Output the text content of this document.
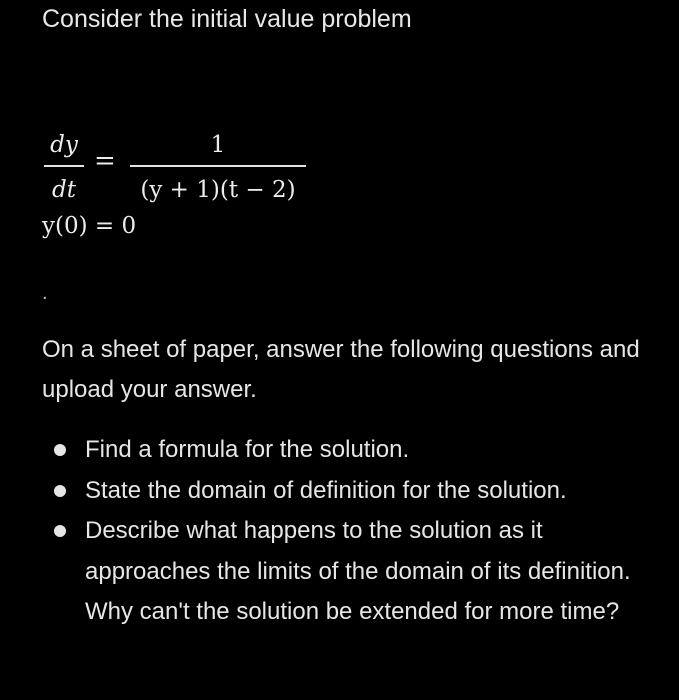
Consider the initial value problem

dy
dt
=
1
(y + 1)(t − 2)
y(0) = 0
.

On a sheet of paper, answer the following questions and upload your answer.

Find a formula for the solution.
State the domain of definition for the solution.
Describe what happens to the solution as it approaches the limits of the domain of its definition. Why can't the solution be extended for more time?
